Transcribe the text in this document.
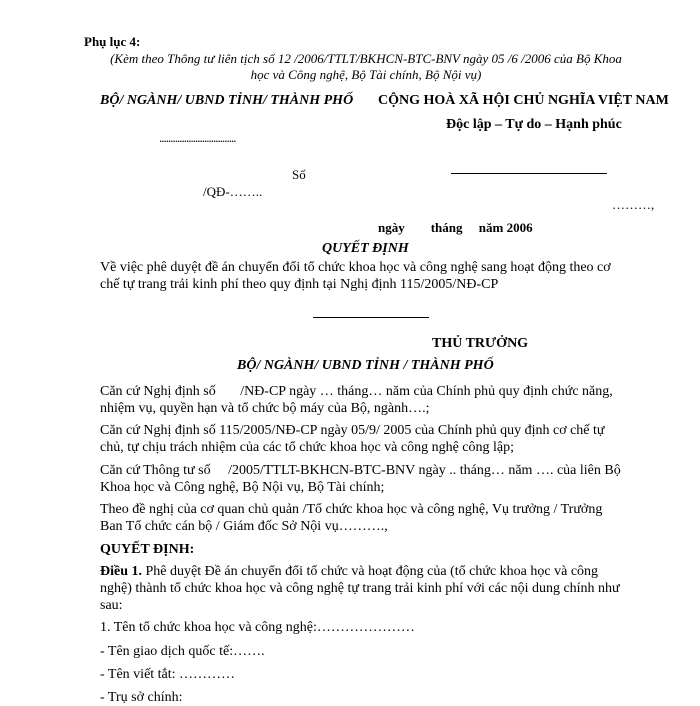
Phụ lục 4:
(Kèm theo Thông tư liên tịch số 12 /2006/TTLT/BKHCN-BTC-BNV ngày 05 /6 /2006 của Bộ Khoa
học và Công nghệ, Bộ Tài chính, Bộ Nội vụ)
BỘ/ NGÀNH/ UBND TỈNH/ THÀNH PHỐ
..................................
CỘNG HOÀ XÃ HỘI CHỦ NGHĨA VIỆT NAM
Độc lập – Tự do – Hạnh phúc
Số
/QĐ-……..
………,
ngày        tháng     năm 2006
QUYẾT ĐỊNH
Về việc phê duyệt đề án chuyển đổi tổ chức khoa học và công nghệ sang hoạt động theo cơ chế tự trang trải kinh phí theo quy định tại Nghị định 115/2005/NĐ-CP
THỦ TRƯỞNG
BỘ/ NGÀNH/ UBND TỈNH / THÀNH PHỐ
Căn cứ Nghị định số       /NĐ-CP ngày … tháng… năm của Chính phủ quy định chức năng, nhiệm vụ, quyền hạn và tổ chức bộ máy của Bộ, ngành….;
Căn cứ Nghị định số 115/2005/NĐ-CP ngày 05/9/ 2005 của Chính phủ quy định cơ chế tự chủ, tự chịu trách nhiệm của các tổ chức khoa học và công nghệ công lập;
Căn cứ Thông tư số     /2005/TTLT-BKHCN-BTC-BNV ngày .. tháng… năm …. của liên Bộ Khoa học và Công nghệ, Bộ Nội vụ, Bộ Tài chính;
Theo đề nghị của cơ quan chủ quản /Tổ chức khoa học và công nghệ, Vụ trưởng / Trưởng Ban Tổ chức cán bộ / Giám đốc Sở Nội vụ……….,
QUYẾT ĐỊNH:
Điều 1. Phê duyệt Đề án chuyển đổi tổ chức và hoạt động của (tổ chức khoa học và công nghệ) thành tổ chức khoa học và công nghệ tự trang trải kinh phí với các nội dung chính như sau:
1. Tên tổ chức khoa học và công nghệ:…………………
- Tên giao dịch quốc tế:…….
- Tên viết tắt: …………
- Trụ sở chính:
